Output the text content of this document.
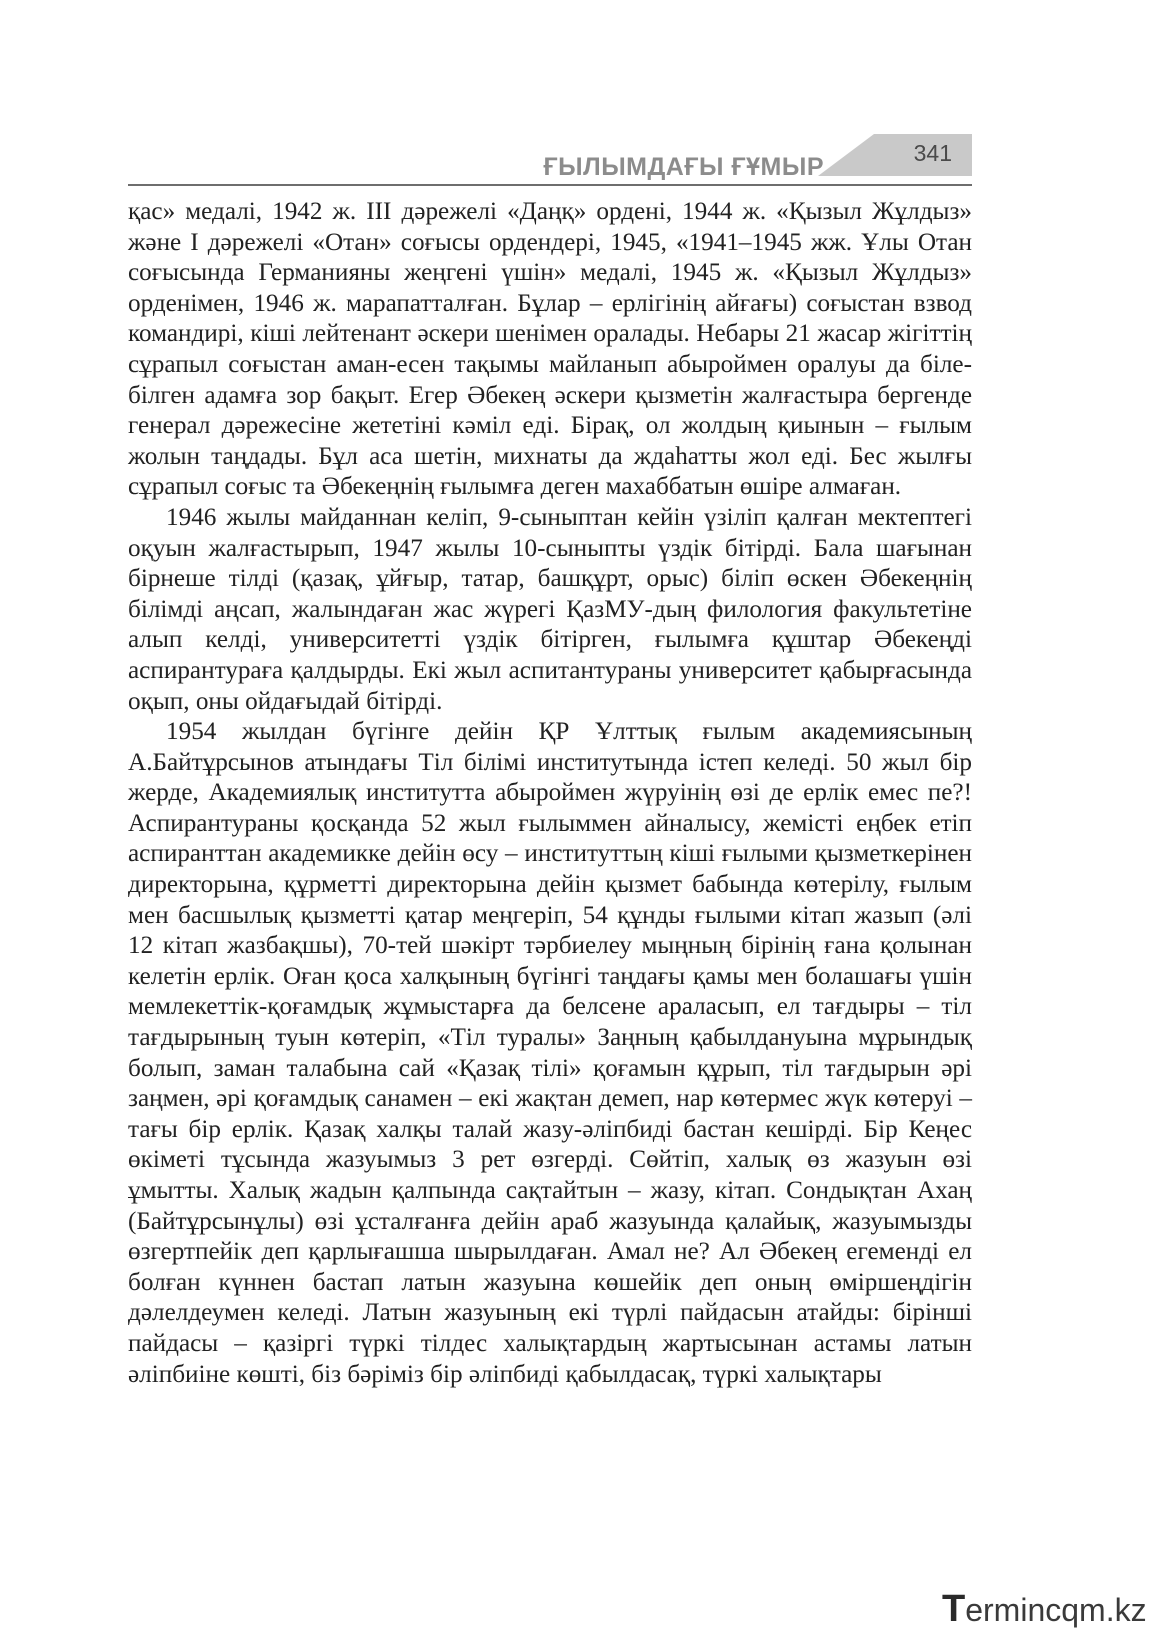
ҒЫЛЫМДАҒЫ ҒҰМЫР	341

қас» медалі, 1942 ж. ІІІ дәрежелі «Даңқ» ордені, 1944 ж. «Қызыл Жұлдыз» және І дәрежелі «Отан» соғысы ордендері, 1945, «1941–1945 жж. Ұлы Отан соғысында Германияны жеңгені үшін» медалі, 1945 ж. «Қызыл Жұлдыз» орденімен, 1946 ж. марапатталған. Бұлар – ерлігінің айғағы) соғыстан взвод командирі, кіші лейтенант әскери шенімен оралады. Небары 21 жасар жігіттің сұрапыл соғыстан аман-есен тақымы майланып абыроймен оралуы да біле-білген адамға зор бақыт. Егер Әбекең әскери қызметін жалғастыра бергенде генерал дәрежесіне жететіні кәміл еді. Бірақ, ол жолдың қиынын – ғылым жолын таңдады. Бұл аса шетін, михнаты да ждаһатты жол еді. Бес жылғы сұрапыл соғыс та Әбекеңнің ғылымға деген махаббатын өшіре алмаған.

1946 жылы майданнан келіп, 9-сыныптан кейін үзіліп қалған мектептегі оқуын жалғастырып, 1947 жылы 10-сыныпты үздік бітірді. Бала шағынан бірнеше тілді (қазақ, ұйғыр, татар, башқұрт, орыс) біліп өскен Әбекеңнің білімді аңсап, жалындаған жас жүрегі ҚазМУ-дың филология факультетіне алып келді, университетті үздік бітірген, ғылымға құштар Әбекеңді аспирантураға қалдырды. Екі жыл аспитантураны университет қабырғасында оқып, оны ойдағыдай бітірді.

1954 жылдан бүгінге дейін ҚР Ұлттық ғылым академиясының А.Байтұрсынов атындағы Тіл білімі институтында істеп келеді. 50 жыл бір жерде, Академиялық институтта абыроймен жүруінің өзі де ерлік емес пе?! Аспирантураны қосқанда 52 жыл ғылыммен айналысу, жемісті еңбек етіп аспиранттан академикке дейін өсу – институттың кіші ғылыми қызметкерінен директорына, құрметті директорына дейін қызмет бабында көтерілу, ғылым мен басшылық қызметті қатар меңгеріп, 54 құнды ғылыми кітап жазып (әлі 12 кітап жазбақшы), 70-тей шәкірт тәрбиелеу мыңның бірінің ғана қолынан келетін ерлік. Оған қоса халқының бүгінгі таңдағы қамы мен болашағы үшін мемлекеттік-қоғамдық жұмыстарға да белсене араласып, ел тағдыры – тіл тағдырының туын көтеріп, «Тіл туралы» Заңның қабылдануына мұрындық болып, заман талабына сай «Қазақ тілі» қоғамын құрып, тіл тағдырын әрі заңмен, әрі қоғамдық санамен – екі жақтан демеп, нар көтермес жүк көтеруі – тағы бір ерлік. Қазақ халқы талай жазу-әліпбиді бастан кешірді. Бір Кеңес өкіметі тұсында жазуымыз 3 рет өзгерді. Сөйтіп, халық өз жазуын өзі ұмытты. Халық жадын қалпында сақтайтын – жазу, кітап. Сондықтан Ахаң (Байтұрсынұлы) өзі ұсталғанға дейін араб жазуында қалайық, жазуымызды өзгертпейік деп қарлығашша шырылдаған. Амал не? Ал Әбекең егеменді ел болған күннен бастап латын жазуына көшейік деп оның өміршеңдігін дәлелдеумен келеді. Латын жазуының екі түрлі пайдасын атайды: бірінші пайдасы – қазіргі түркі тілдес халықтардың жартысынан астамы латын әліпбиіне көшті, біз бәріміз бір әліпбиді қабылдасақ, түркі халықтары

Termincqm.kz
